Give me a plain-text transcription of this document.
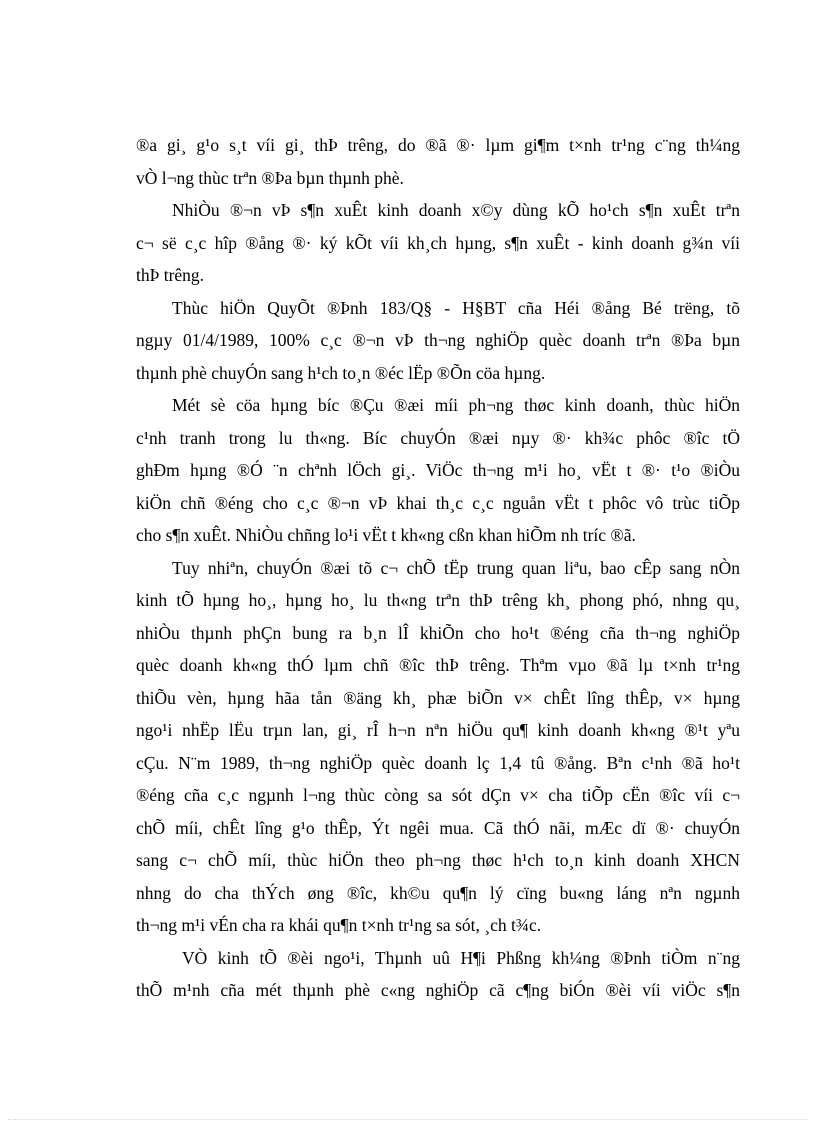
®a gi¸ g¹o s¸t víi gi¸ thÞ trêng, do ®ã ®· lµm gi¶m t×nh tr¹ng c¨ng th¼ng
vÒ l¬ng thùc trªn ®Þa bµn thµnh phè.
NhiÒu ®¬n vÞ s¶n xuÊt kinh doanh x©y dùng kÕ ho¹ch s¶n xuÊt trªn
c¬ së c¸c hîp ®ång ®· ký kÕt víi kh¸ch hµng, s¶n xuÊt - kinh doanh g¾n víi
thÞ trêng.
Thùc hiÖn QuyÕt ®Þnh 183/Q§ - H§BT cña Héi ®ång Bé trëng, tõ
ngµy 01/4/1989, 100% c¸c ®¬n vÞ th¬ng nghiÖp quèc doanh trªn ®Þa bµn
thµnh phè chuyÓn sang h¹ch to¸n ®éc lËp ®Õn cöa hµng.
Mét sè cöa hµng bíc ®Çu ®æi míi ph¬ng thøc kinh doanh, thùc hiÖn
c¹nh tranh trong lu th«ng. Bíc chuyÓn ®æi nµy ®· kh¾c phôc ®îc tÖ
ghÐm hµng ®Ó ¨n chªnh lÖch gi¸. ViÖc th¬ng m¹i ho¸ vËt t ®· t¹o ®iÒu
kiÖn chñ ®éng cho c¸c ®¬n vÞ khai th¸c c¸c nguån vËt t phôc vô trùc tiÕp
cho s¶n xuÊt. NhiÒu chñng lo¹i vËt t kh«ng cßn khan hiÕm nh tríc ®ã.
Tuy nhiªn, chuyÓn ®æi tõ c¬ chÕ tËp trung quan liªu, bao cÊp sang nÒn
kinh tÕ hµng ho¸, hµng ho¸ lu th«ng trªn thÞ trêng kh¸ phong phó, nhng qu¸
nhiÒu thµnh phÇn bung ra b¸n lÎ khiÕn cho ho¹t ®éng cña th¬ng nghiÖp
quèc doanh kh«ng thÓ lµm chñ ®îc thÞ trêng. Thªm vµo ®ã lµ t×nh tr¹ng
thiÕu vèn, hµng hãa tån ®äng kh¸ phæ biÕn v× chÊt lîng thÊp, v× hµng
ngo¹i nhËp lËu trµn lan, gi¸ rÎ h¬n nªn hiÖu qu¶ kinh doanh kh«ng ®¹t yªu
cÇu. N¨m 1989, th¬ng nghiÖp quèc doanh lç 1,4 tû ®ång. Bªn c¹nh ®ã ho¹t
®éng cña c¸c ngµnh l¬ng thùc còng sa sót dÇn v× cha tiÕp cËn ®îc víi c¬
chÕ míi, chÊt lîng g¹o thÊp, Ýt ngêi mua. Cã thÓ nãi, mÆc dï ®· chuyÓn
sang c¬ chÕ míi, thùc hiÖn theo ph¬ng thøc h¹ch to¸n kinh doanh XHCN
nhng do cha thÝch øng ®îc, kh©u qu¶n lý cïng bu«ng láng nªn ngµnh
th¬ng m¹i vÉn cha ra khái qu¶n t×nh tr¹ng sa sót, ¸ch t¾c.
VÒ kinh tÕ ®èi ngo¹i, Thµnh uû H¶i Phßng kh¼ng ®Þnh tiÒm n¨ng
thÕ m¹nh cña mét thµnh phè c«ng nghiÖp cã c¶ng biÓn ®èi víi viÖc s¶n
